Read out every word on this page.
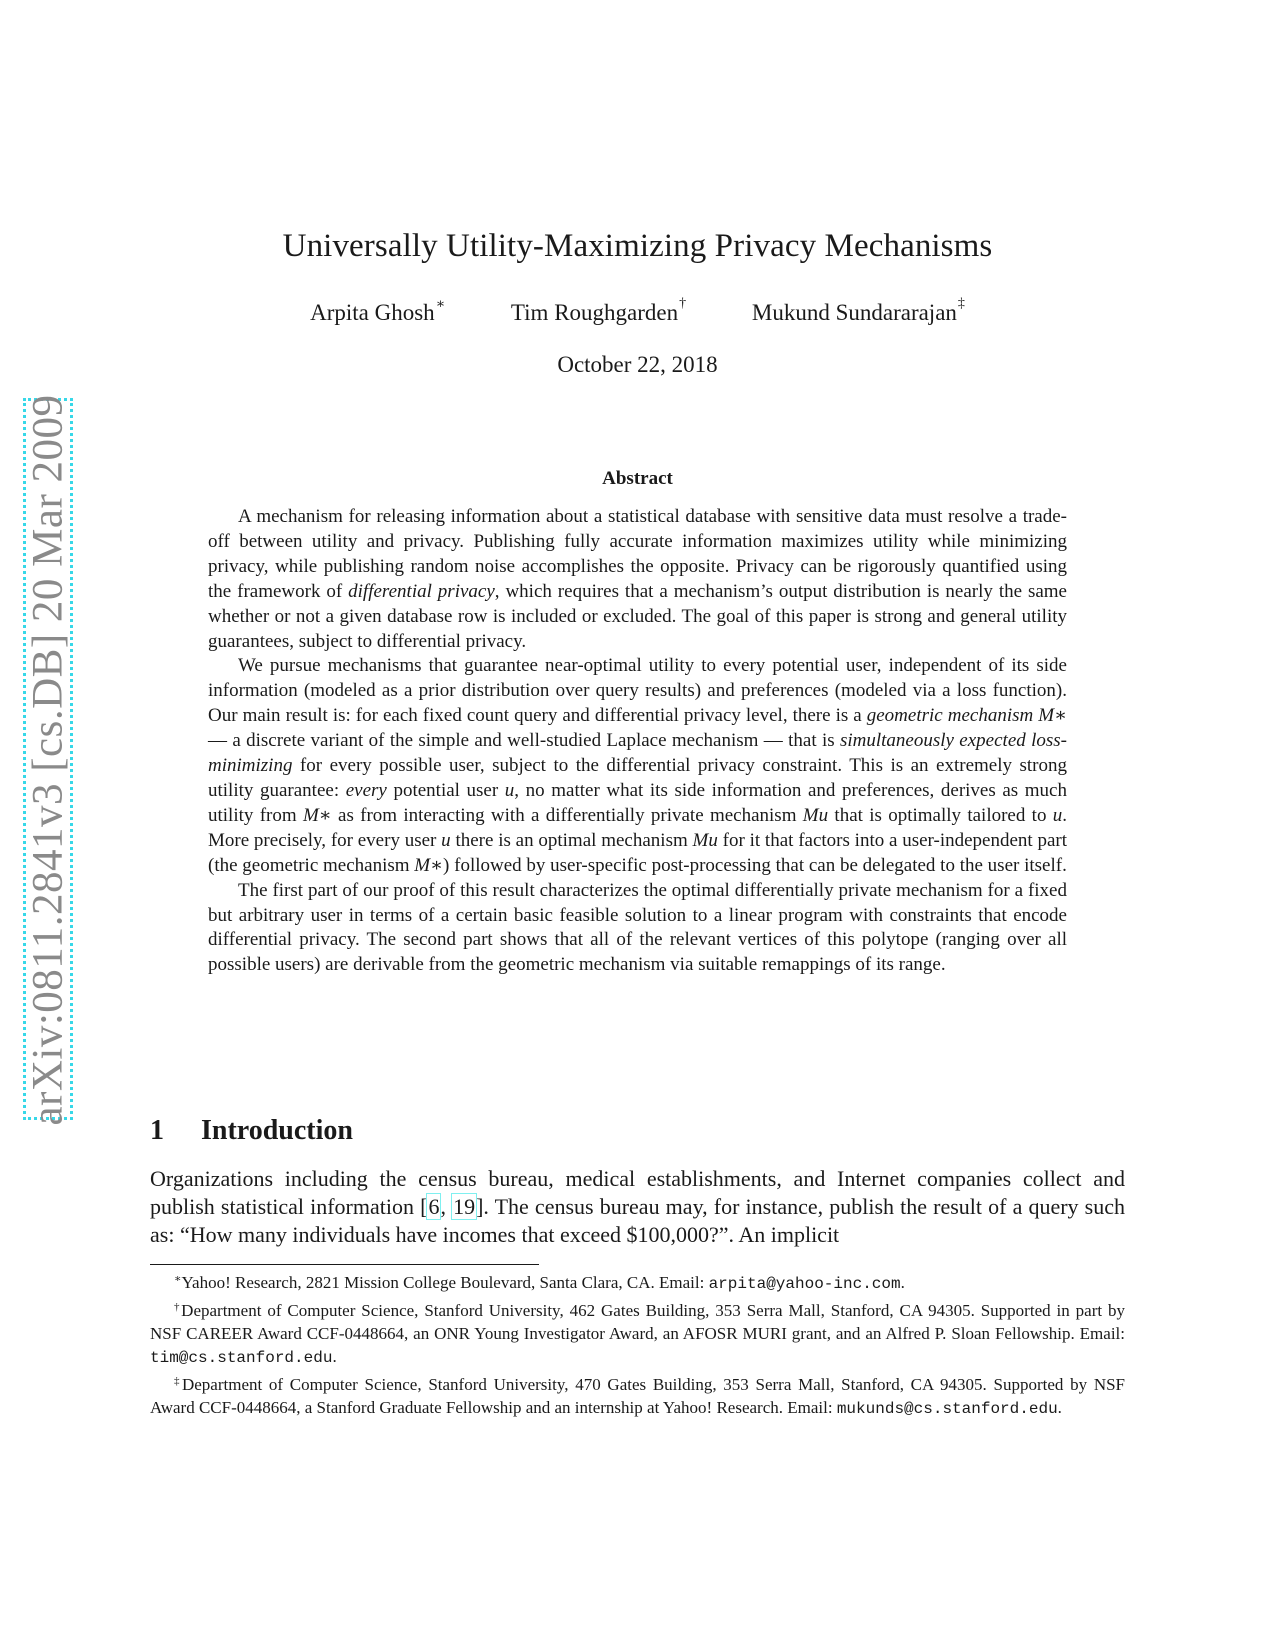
arXiv:0811.2841v3 [cs.DB] 20 Mar 2009
Universally Utility-Maximizing Privacy Mechanisms
Arpita Ghosh∗	Tim Roughgarden†	Mukund Sundararajan‡
October 22, 2018
Abstract

A mechanism for releasing information about a statistical database with sensitive data must resolve a trade-off between utility and privacy. Publishing fully accurate information maximizes utility while minimizing privacy, while publishing random noise accomplishes the opposite. Privacy can be rigorously quantified using the framework of differential privacy, which requires that a mechanism’s output distribution is nearly the same whether or not a given database row is included or excluded. The goal of this paper is strong and general utility guarantees, subject to differential privacy.

We pursue mechanisms that guarantee near-optimal utility to every potential user, independent of its side information (modeled as a prior distribution over query results) and preferences (modeled via a loss function). Our main result is: for each fixed count query and differential privacy level, there is a geometric mechanism M∗ — a discrete variant of the simple and well-studied Laplace mechanism — that is simultaneously expected loss-minimizing for every possible user, subject to the differential privacy constraint. This is an extremely strong utility guarantee: every potential user u, no matter what its side information and preferences, derives as much utility from M∗ as from interacting with a differentially private mechanism Mu that is optimally tailored to u. More precisely, for every user u there is an optimal mechanism Mu for it that factors into a user-independent part (the geometric mechanism M∗) followed by user-specific post-processing that can be delegated to the user itself.

The first part of our proof of this result characterizes the optimal differentially private mechanism for a fixed but arbitrary user in terms of a certain basic feasible solution to a linear program with constraints that encode differential privacy. The second part shows that all of the relevant vertices of this polytope (ranging over all possible users) are derivable from the geometric mechanism via suitable remappings of its range.

1 Introduction

Organizations including the census bureau, medical establishments, and Internet companies collect and publish statistical information [6, 19]. The census bureau may, for instance, publish the result of a query such as: “How many individuals have incomes that exceed $100,000?”. An implicit

∗Yahoo! Research, 2821 Mission College Boulevard, Santa Clara, CA. Email: arpita@yahoo-inc.com.

†Department of Computer Science, Stanford University, 462 Gates Building, 353 Serra Mall, Stanford, CA 94305. Supported in part by NSF CAREER Award CCF-0448664, an ONR Young Investigator Award, an AFOSR MURI grant, and an Alfred P. Sloan Fellowship. Email: tim@cs.stanford.edu.

‡Department of Computer Science, Stanford University, 470 Gates Building, 353 Serra Mall, Stanford, CA 94305. Supported by NSF Award CCF-0448664, a Stanford Graduate Fellowship and an internship at Yahoo! Research. Email: mukunds@cs.stanford.edu.
